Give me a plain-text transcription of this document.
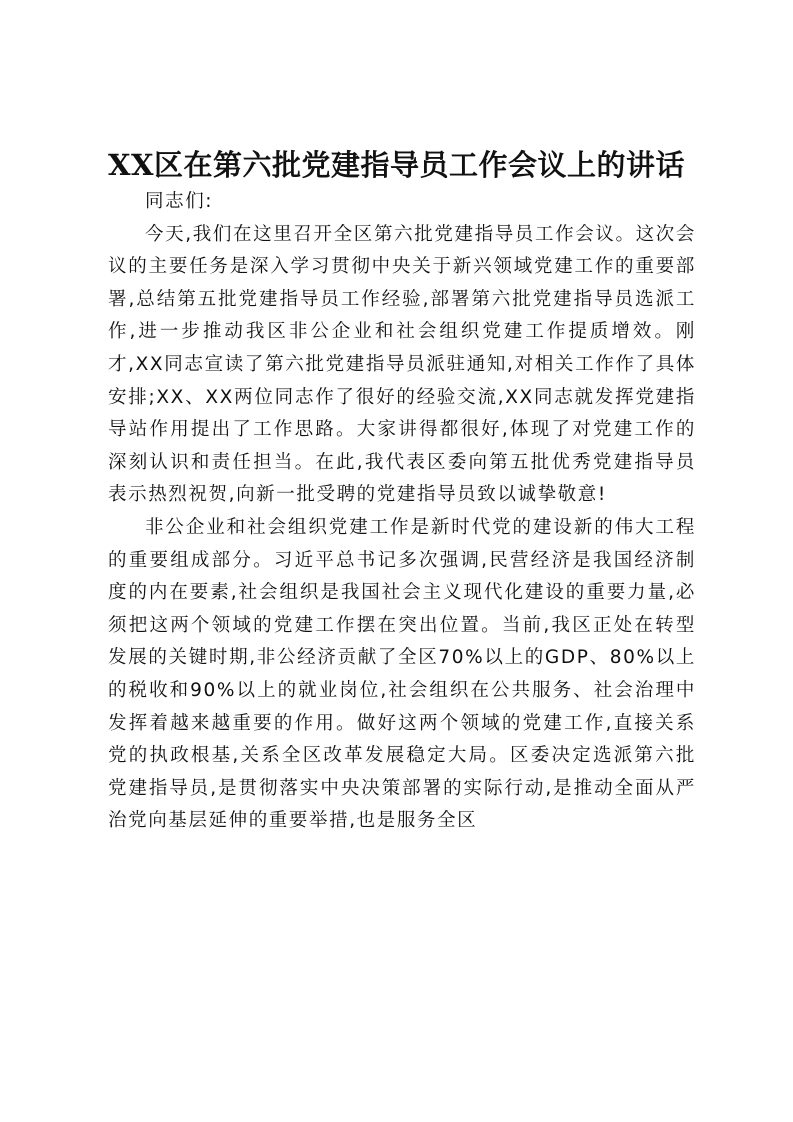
XX区在第六批党建指导员工作会议上的讲话

同志们:

今天,我们在这里召开全区第六批党建指导员工作会议。这次会议的主要任务是深入学习贯彻中央关于新兴领域党建工作的重要部署,总结第五批党建指导员工作经验,部署第六批党建指导员选派工作,进一步推动我区非公企业和社会组织党建工作提质增效。刚才,XX同志宣读了第六批党建指导员派驻通知,对相关工作作了具体安排;XX、XX两位同志作了很好的经验交流,XX同志就发挥党建指导站作用提出了工作思路。大家讲得都很好,体现了对党建工作的深刻认识和责任担当。在此,我代表区委向第五批优秀党建指导员表示热烈祝贺,向新一批受聘的党建指导员致以诚挚敬意!

非公企业和社会组织党建工作是新时代党的建设新的伟大工程的重要组成部分。习近平总书记多次强调,民营经济是我国经济制度的内在要素,社会组织是我国社会主义现代化建设的重要力量,必须把这两个领域的党建工作摆在突出位置。当前,我区正处在转型发展的关键时期,非公经济贡献了全区70%以上的GDP、80%以上的税收和90%以上的就业岗位,社会组织在公共服务、社会治理中发挥着越来越重要的作用。做好这两个领域的党建工作,直接关系党的执政根基,关系全区改革发展稳定大局。区委决定选派第六批党建指导员,是贯彻落实中央决策部署的实际行动,是推动全面从严治党向基层延伸的重要举措,也是服务全区
